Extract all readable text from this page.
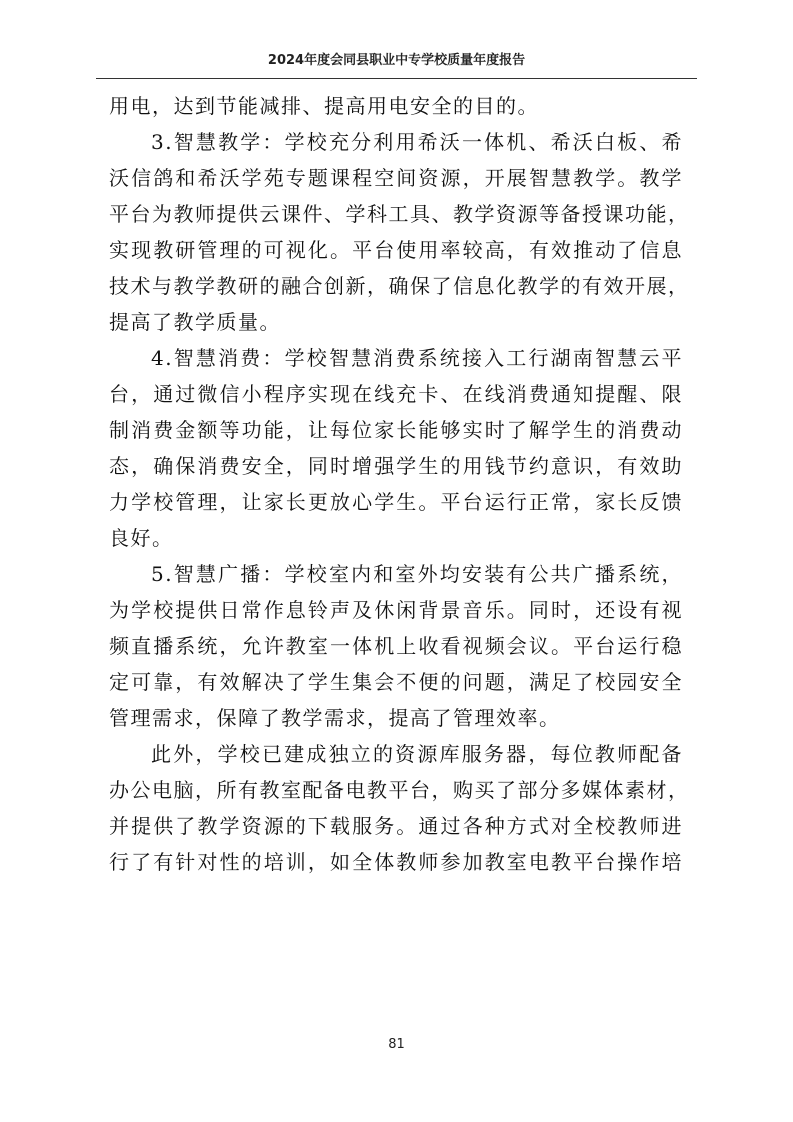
2024年度会同县职业中专学校质量年度报告
用电，达到节能减排、提高用电安全的目的。
3.智慧教学：学校充分利用希沃一体机、希沃白板、希
沃信鸽和希沃学苑专题课程空间资源，开展智慧教学。教学
平台为教师提供云课件、学科工具、教学资源等备授课功能，
实现教研管理的可视化。平台使用率较高，有效推动了信息
技术与教学教研的融合创新，确保了信息化教学的有效开展，
提高了教学质量。
4.智慧消费：学校智慧消费系统接入工行湖南智慧云平
台，通过微信小程序实现在线充卡、在线消费通知提醒、限
制消费金额等功能，让每位家长能够实时了解学生的消费动
态，确保消费安全，同时增强学生的用钱节约意识，有效助
力学校管理，让家长更放心学生。平台运行正常，家长反馈
良好。
5.智慧广播：学校室内和室外均安装有公共广播系统，
为学校提供日常作息铃声及休闲背景音乐。同时，还设有视
频直播系统，允许教室一体机上收看视频会议。平台运行稳
定可靠，有效解决了学生集会不便的问题，满足了校园安全
管理需求，保障了教学需求，提高了管理效率。
此外，学校已建成独立的资源库服务器，每位教师配备
办公电脑，所有教室配备电教平台，购买了部分多媒体素材，
并提供了教学资源的下载服务。通过各种方式对全校教师进
行了有针对性的培训，如全体教师参加教室电教平台操作培
81
